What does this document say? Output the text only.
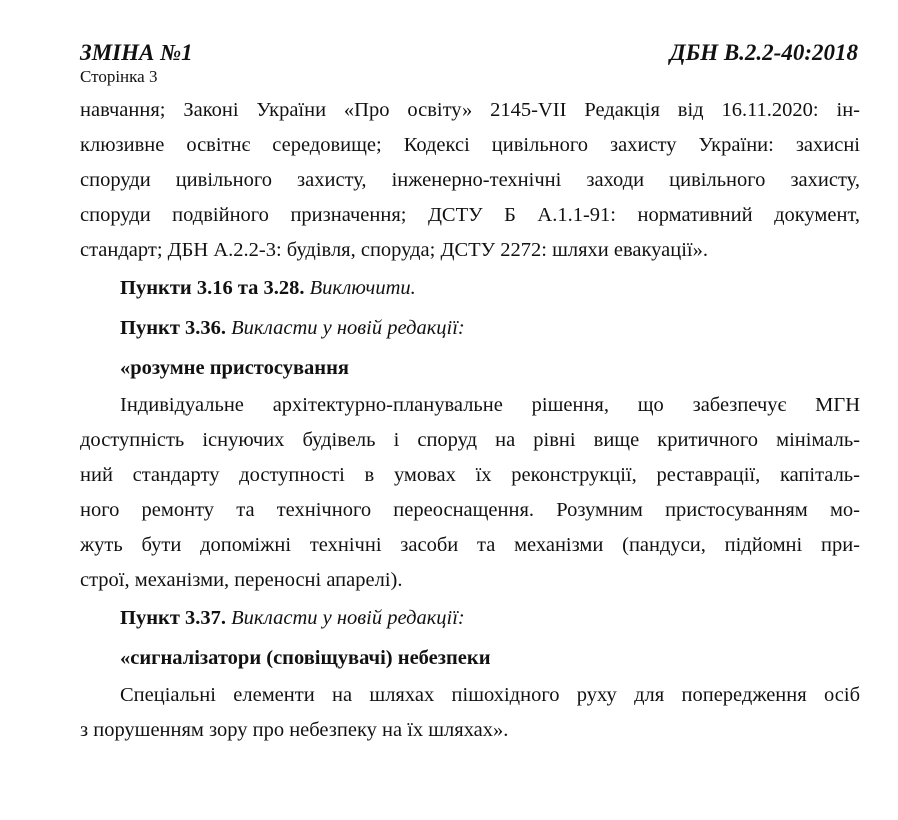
ЗМІНА №1
Сторінка 3
ДБН В.2.2-40:2018

навчання; Законі України «Про освіту» 2145-VII Редакція від 16.11.2020: ін-

клюзивне освітнє середовище; Кодексі цивільного захисту України: захисні

споруди цивільного захисту, інженерно-технічні заходи цивільного захисту,

споруди подвійного призначення; ДСТУ Б А.1.1-91: нормативний документ,

стандарт; ДБН А.2.2-3: будівля, споруда; ДСТУ 2272: шляхи евакуації».

Пункти 3.16 та 3.28. Виключити.

Пункт 3.36. Викласти у новій редакції:

«розумне пристосування

Індивідуальне архітектурно-планувальне рішення, що забезпечує МГН

доступність існуючих будівель і споруд на рівні вище критичного мінімаль-

ний стандарту доступності в умовах їх реконструкції, реставрації, капіталь-

ного ремонту та технічного переоснащення. Розумним пристосуванням мо-

жуть бути допоміжні технічні засоби та механізми (пандуси, підйомні при-

строї, механізми, переносні апарелі).

Пункт 3.37. Викласти у новій редакції:

«сигналізатори (сповіщувачі) небезпеки

Спеціальні елементи на шляхах пішохідного руху для попередження осіб

з порушенням зору про небезпеку на їх шляхах».
